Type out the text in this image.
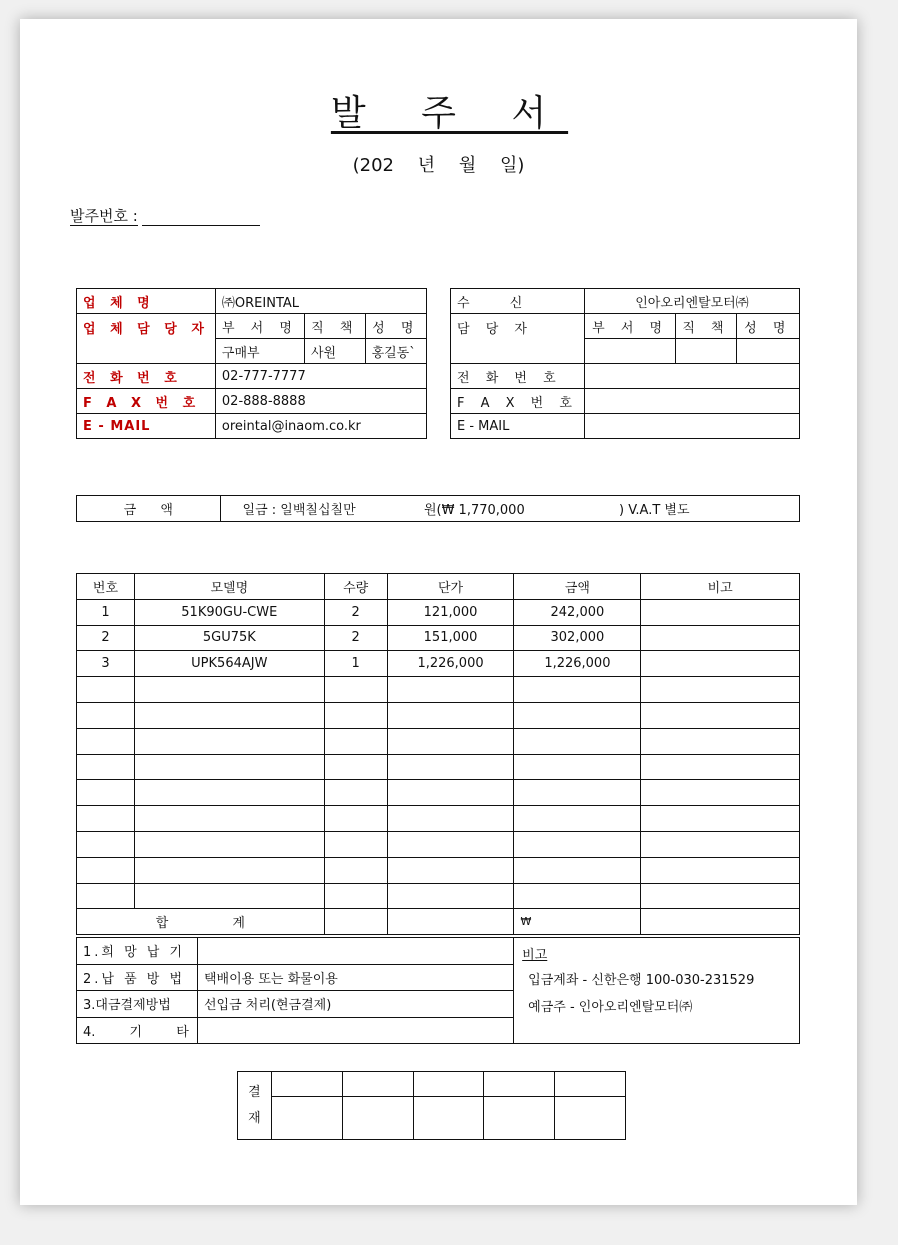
발 주 서
(202 년 월 일)
발주번호 :
업 체 명	㈜OREINTAL		
업 체 담 당 자	부 서 명	직 책	성 명
	구매부	사원	홍길동`
전 화 번 호	02-777-7777		
F A X 번 호	02-888-8888		
E - MAIL	oreintal@inaom.co.kr		
수 신	인아오리엔탈모터㈜		
담 당 자	부 서 명	직 책	성 명

전 화 번 호			
F A X 번 호			
E - MAIL			
금 액	일금 : 일백칠십칠만	원(₩ 1,770,000	) V.A.T 별도
번호	모델명	수량	단가	금액	비고
1	51K90GU-CWE	2	121,000	242,000	
2	5GU75K	2	151,000	302,000	
3	UPK564AJW	1	1,226,000	1,226,000	

합 계				₩	
1.희 망 납 기		비고
입금계좌 - 신한은행 100-030-231529
예금주 - 인아오리엔탈모터㈜

2.납 품 방 법	택배이용 또는 화물이용	
3.대금결제방법	선입금 처리(현금결제)	
4. 기 타		
결
재					
